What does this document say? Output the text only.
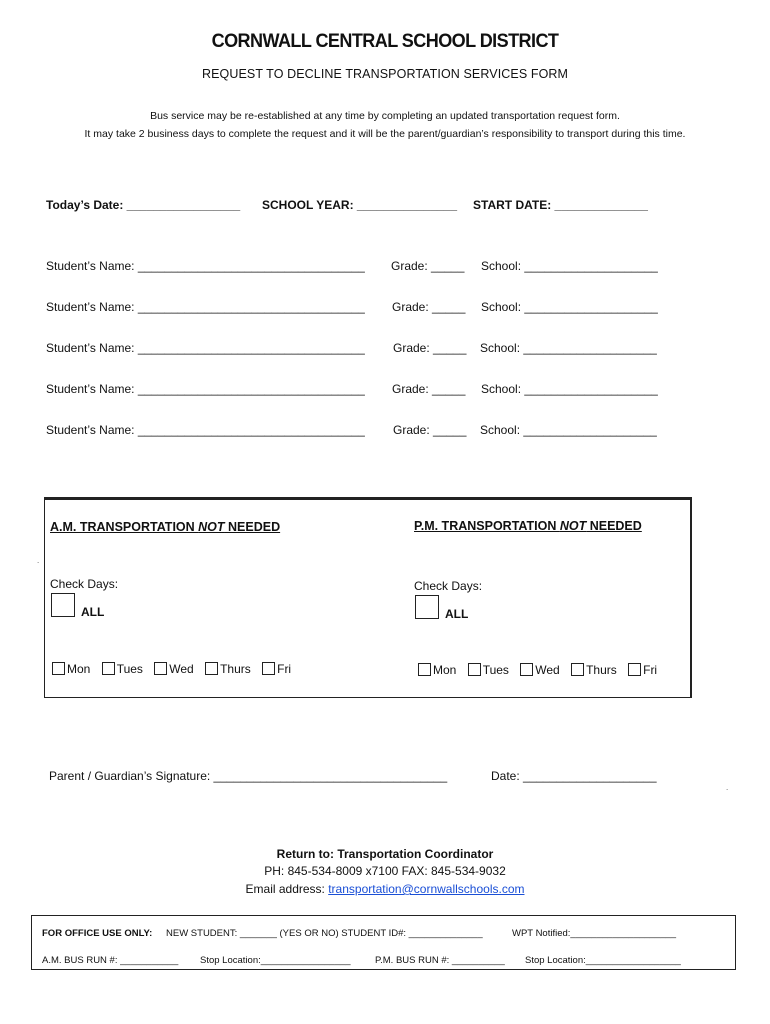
CORNWALL CENTRAL SCHOOL DISTRICT
REQUEST TO DECLINE TRANSPORTATION SERVICES FORM
Bus service may be re-established at any time by completing an updated transportation request form.
It may take 2 business days to complete the request and it will be the parent/guardian’s responsibility to transport during this time.
Today’s Date: _________________ SCHOOL YEAR: _______________ START DATE: ______________
Student’s Name: __________________________________ Grade: _____ School: ____________________
Student’s Name: __________________________________ Grade: _____ School: ____________________
Student’s Name: __________________________________ Grade: _____ School: ____________________
Student’s Name: __________________________________ Grade: _____ School: ____________________
Student’s Name: __________________________________ Grade: _____ School: ____________________
.
A.M. TRANSPORTATION NOT NEEDED
Check Days:
ALL
Mon Tues Wed Thurs Fri
P.M. TRANSPORTATION NOT NEEDED
Check Days:
ALL
Mon Tues Wed Thurs Fri
Parent / Guardian’s Signature: ___________________________________	Date: ____________________
.
Return to: Transportation Coordinator
PH: 845-534-8009 x7100 FAX: 845-534-9032
Email address: transportation@cornwallschools.com
FOR OFFICE USE ONLY: NEW STUDENT: _______ (YES OR NO) STUDENT ID#: ______________	WPT Notified:____________________
A.M. BUS RUN #: ___________ Stop Location:_________________	P.M. BUS RUN #: __________ Stop Location:__________________
